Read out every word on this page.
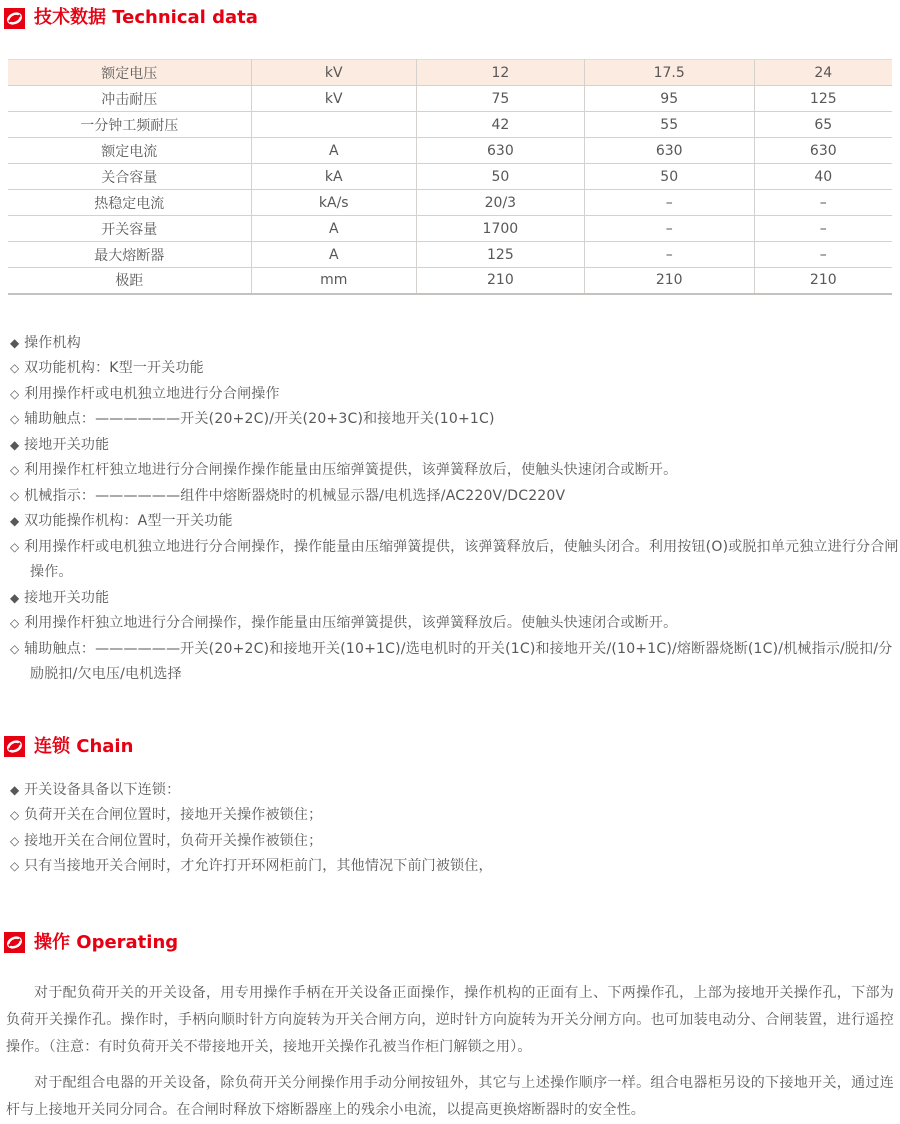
技术数据 Technical data
额定电压	kV	12	17.5	24
冲击耐压	kV	75	95	125
一分钟工频耐压		42	55	65
额定电流	A	630	630	630
关合容量	kA	50	50	40
热稳定电流	kA/s	20/3	–	–
开关容量	A	1700	–	–
最大熔断器	A	125	–	–
极距	mm	210	210	210
◆ 操作机构
◇ 双功能机构：K型一开关功能
◇ 利用操作杆或电机独立地进行分合闸操作
◇ 辅助触点：——————开关(20+2C)/开关(20+3C)和接地开关(10+1C)
◆ 接地开关功能
◇ 利用操作杠杆独立地进行分合闸操作操作能量由压缩弹簧提供，该弹簧释放后，使触头快速闭合或断开。
◇ 机械指示：——————组件中熔断器烧时的机械显示器/电机选择/AC220V/DC220V
◆ 双功能操作机构：A型一开关功能
◇ 利用操作杆或电机独立地进行分合闸操作，操作能量由压缩弹簧提供，该弹簧释放后，使触头闭合。利用按钮(O)或脱扣单元独立进行分合闸操作。
◆ 接地开关功能
◇ 利用操作杆独立地进行分合闸操作，操作能量由压缩弹簧提供，该弹簧释放后。使触头快速闭合或断开。
◇ 辅助触点：——————开关(20+2C)和接地开关(10+1C)/选电机时的开关(1C)和接地开关/(10+1C)/熔断器烧断(1C)/机械指示/脱扣/分励脱扣/欠电压/电机选择
连锁 Chain
◆ 开关设备具备以下连锁：
◇ 负荷开关在合闸位置时，接地开关操作被锁住；
◇ 接地开关在合闸位置时，负荷开关操作被锁住；
◇ 只有当接地开关合闸时，才允许打开环网柜前门，其他情况下前门被锁住，
操作 Operating

对于配负荷开关的开关设备，用专用操作手柄在开关设备正面操作，操作机构的正面有上、下两操作孔，上部为接地开关操作孔，下部为负荷开关操作孔。操作时，手柄向顺时针方向旋转为开关合闸方向，逆时针方向旋转为开关分闸方向。也可加装电动分、合闸装置，进行遥控操作。（注意：有时负荷开关不带接地开关，接地开关操作孔被当作柜门解锁之用）。

对于配组合电器的开关设备，除负荷开关分闸操作用手动分闸按钮外，其它与上述操作顺序一样。组合电器柜另设的下接地开关，通过连杆与上接地开关同分同合。在合闸时释放下熔断器座上的残余小电流，以提高更换熔断器时的安全性。
